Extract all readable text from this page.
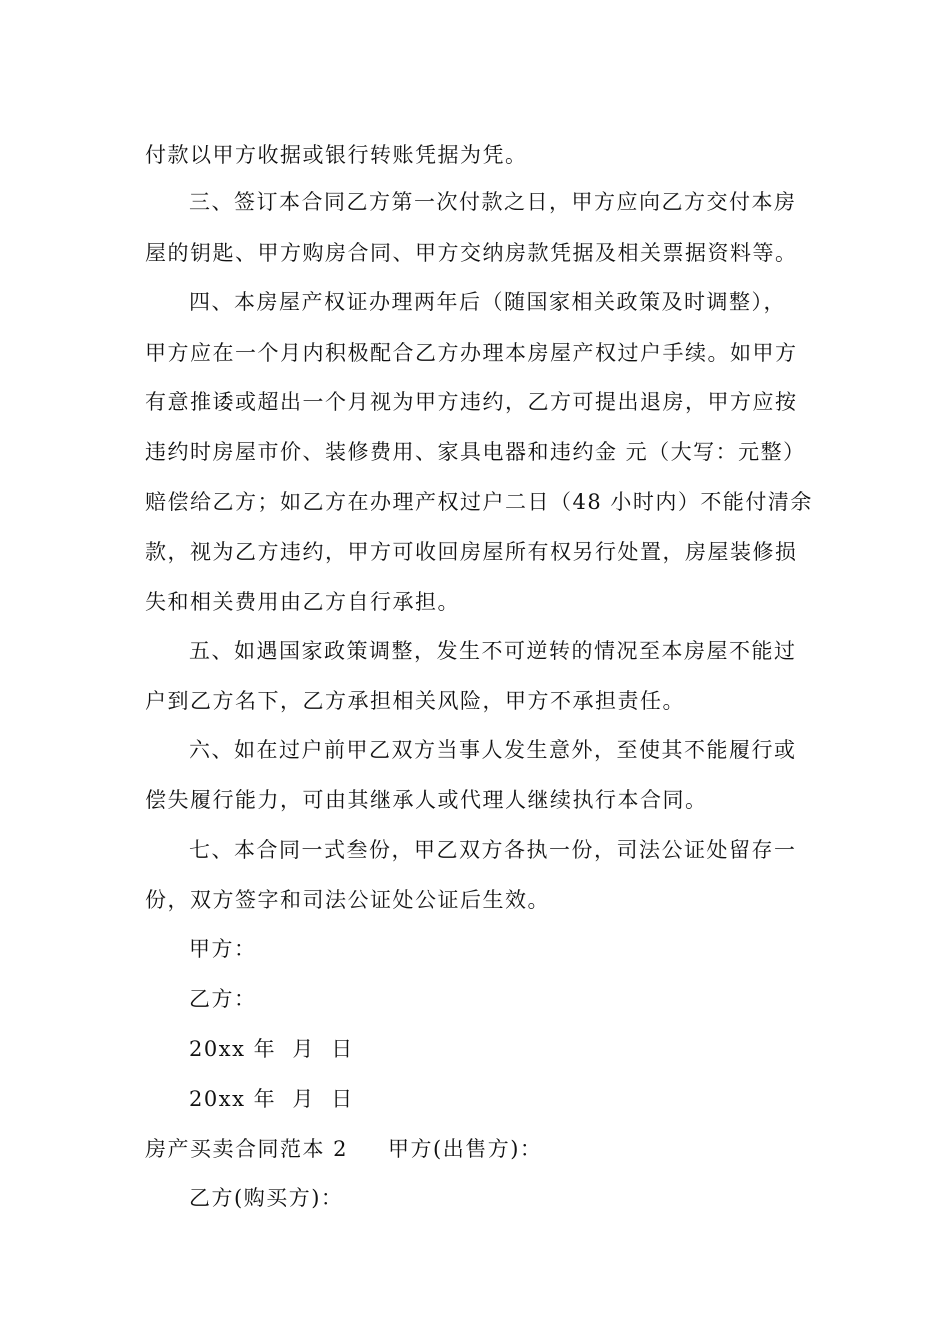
付款以甲方收据或银行转账凭据为凭。
三、签订本合同乙方第一次付款之日，甲方应向乙方交付本房
屋的钥匙、甲方购房合同、甲方交纳房款凭据及相关票据资料等。
四、本房屋产权证办理两年后（随国家相关政策及时调整），
甲方应在一个月内积极配合乙方办理本房屋产权过户手续。如甲方
有意推诿或超出一个月视为甲方违约，乙方可提出退房，甲方应按
违约时房屋市价、装修费用、家具电器和违约金 元（大写：元整）
赔偿给乙方；如乙方在办理产权过户二日（48 小时内）不能付清余
款，视为乙方违约，甲方可收回房屋所有权另行处置，房屋装修损
失和相关费用由乙方自行承担。
五、如遇国家政策调整，发生不可逆转的情况至本房屋不能过
户到乙方名下，乙方承担相关风险，甲方不承担责任。
六、如在过户前甲乙双方当事人发生意外，至使其不能履行或
偿失履行能力，可由其继承人或代理人继续执行本合同。
七、本合同一式叁份，甲乙双方各执一份，司法公证处留存一
份，双方签字和司法公证处公证后生效。
甲方：
乙方：
20xx 年  月  日
20xx 年  月  日
房产买卖合同范本 2 甲方(出售方)：
乙方(购买方)：
